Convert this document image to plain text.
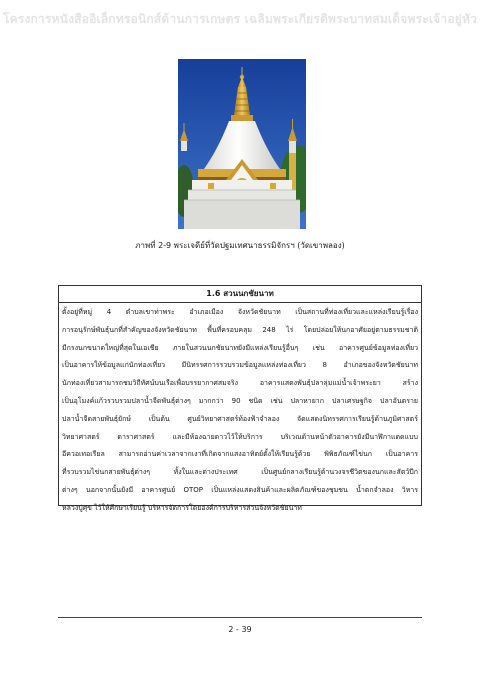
โครงการหนังสืออิเล็กทรอนิกส์ด้านการเกษตร เฉลิมพระเกียรติพระบาทสมเด็จพระเจ้าอยู่หัว
ภาพที่ 2-9 พระเจดีย์ที่วัดปฐมเทศนาธรรมิจักรฯ (วัดเขาพลอง)
1.6 สวนนกชัยนาท
ตั้งอยู่ที่หมู่ 4 ตำบลเขาท่าพระ อำเภอเมือง จังหวัดชัยนาท เป็นสถานที่ท่องเที่ยวและแหล่งเรียนรู้เรื่อง
การอนุรักษ์พันธุ์นกที่สำคัญของจังหวัดชัยนาท พื้นที่ครอบคลุม 248 ไร่ โดยปล่อยให้นกอาศัยอยู่ตามธรรมชาติ
มีกรงนกขนาดใหญ่ที่สุดในเอเชีย ภายในสวนนกชัยนาทยังมีแหล่งเรียนรู้อื่นๆ เช่น อาคารศูนย์ข้อมูลท่องเที่ยว
เป็นอาคารให้ข้อมูลแก่นักท่องเที่ยว มีนิทรรศการรวบรวมข้อมูลแหล่งท่องเที่ยว 8 อำเภอของจังหวัดชัยนาท
นักท่องเที่ยวสามารถชมวิถีทัศน์บนเรือเพื่อบรรยากาศสมจริง อาคารแสดงพันธุ์ปลาลุ่มแม่น้ำเจ้าพระยา สร้าง
เป็นอุโมงค์แก้วรวบรวมปลาน้ำจืดพันธุ์ต่างๆ มากกว่า 90 ชนิด เช่น ปลาหายาก ปลาเศรษฐกิจ ปลาอันตราย
ปลาน้ำจืดสายพันธุ์ยักษ์ เป็นต้น ศูนย์วิทยาศาสตร์ท้องฟ้าจำลอง จัดแสดงนิทรรศการเรียนรู้ด้านภูมิศาสตร์
วิทยาศาสตร์ ดาราศาสตร์ และมีห้องฉายดาวไว้ให้บริการ บริเวณด้านหน้าตัวอาคารยังมีนาฬิกาแดดแบบ
อีควอเทอเรียล สามารถอ่านค่าเวลาจากเงาที่เกิดจากแสงอาทิตย์ตั้งให้เรียนรู้ด้วย พิพิธภัณฑ์ไข่นก เป็นอาคาร
ที่รวบรวมไข่นกสายพันธุ์ต่างๆ ทั้งในและต่างประเทศ เป็นศูนย์กลางเรียนรู้ด้านวงจรชีวิตของนกและสัตว์ปีก
ต่างๆ นอกจากนั้นยังมี อาคารศูนย์ OTOP เป็นแหล่งแสดงสินค้าและผลิตภัณฑ์ของชุมชน น้ำตกจำลอง วิหาร
หลวงปู่ศุข ไว้ให้ศึกษาเรียนรู้ บริหารจัดการโดยองค์การบริหารส่วนจังหวัดชัยนาท
2 - 39
